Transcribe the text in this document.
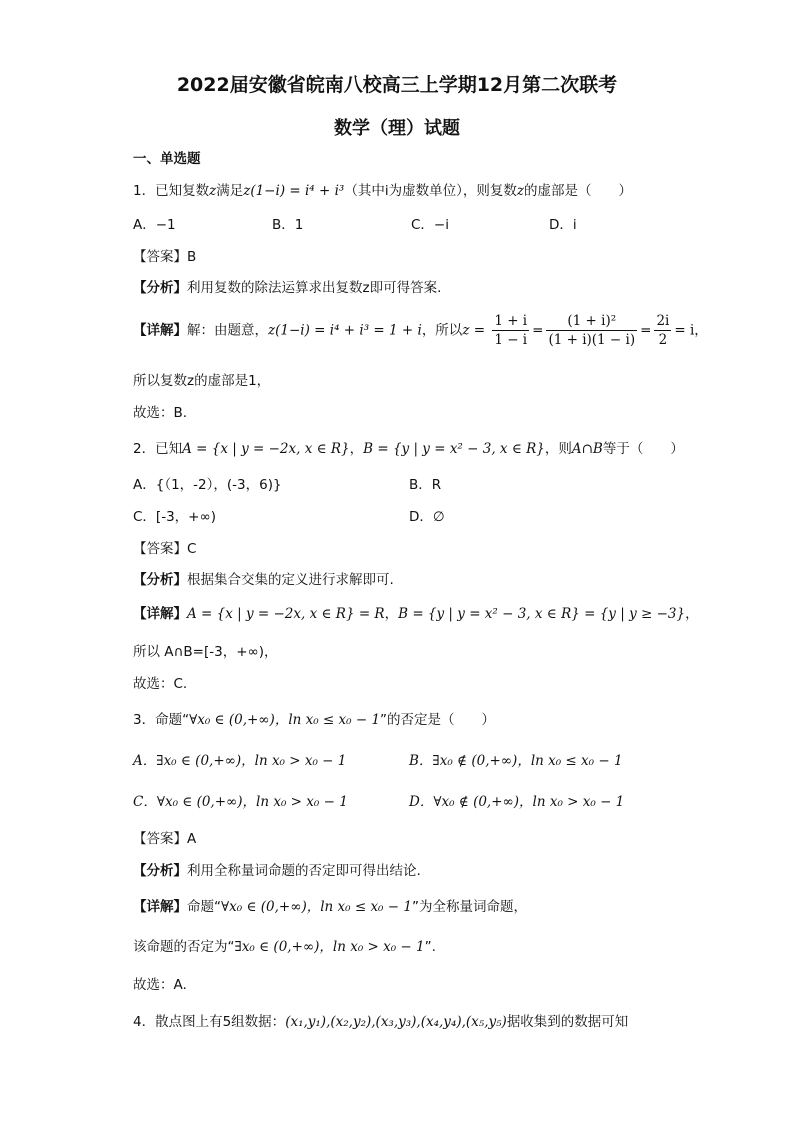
2022届安徽省皖南八校高三上学期12月第二次联考
数学（理）试题
一、单选题
1．已知复数z满足z(1−i) = i⁴ + i³（其中i为虚数单位），则复数z的虚部是（　　）
A．−1	B．1	C．−i	D．i
【答案】B
【分析】利用复数的除法运算求出复数z即可得答案.
【详解】解：由题意，z(1−i) = i⁴ + i³ = 1 + i，所以$z = \frac{1 + i}{1 - i} = \frac{\text{(1 + i)²}}{(1 + i)(1 - i)} = \frac{2i}{2} = i$，
所以复数z的虚部是1，
故选：B.
2．已知A = {x | y = −2x, x ∈ R}，B = {y | y = x² − 3, x ∈ R}，则A∩B等于（　　）
A．{（1，-2），(-3，6)}	B．R
C．[-3，+∞)	D．∅
【答案】C
【分析】根据集合交集的定义进行求解即可.
【详解】A = {x | y = −2x, x ∈ R} = R，B = {y | y = x² − 3, x ∈ R} = {y | y ≥ −3}，
所以 A∩B=[-3，+∞)，
故选：C.
3．命题“∀x₀ ∈ (0,+∞)，ln x₀ ≤ x₀ − 1”的否定是（　　）
A．∃x₀ ∈ (0,+∞)，ln x₀ > x₀ − 1	B．∃x₀ ∉ (0,+∞)，ln x₀ ≤ x₀ − 1
C．∀x₀ ∈ (0,+∞)，ln x₀ > x₀ − 1	D．∀x₀ ∉ (0,+∞)，ln x₀ > x₀ − 1
【答案】A
【分析】利用全称量词命题的否定即可得出结论.
【详解】命题“∀x₀ ∈ (0,+∞)，ln x₀ ≤ x₀ − 1”为全称量词命题，
该命题的否定为“∃x₀ ∈ (0,+∞)，ln x₀ > x₀ − 1”.
故选：A.
4．散点图上有5组数据：(x₁,y₁),(x₂,y₂),(x₃,y₃),(x₄,y₄),(x₅,y₅)据收集到的数据可知
